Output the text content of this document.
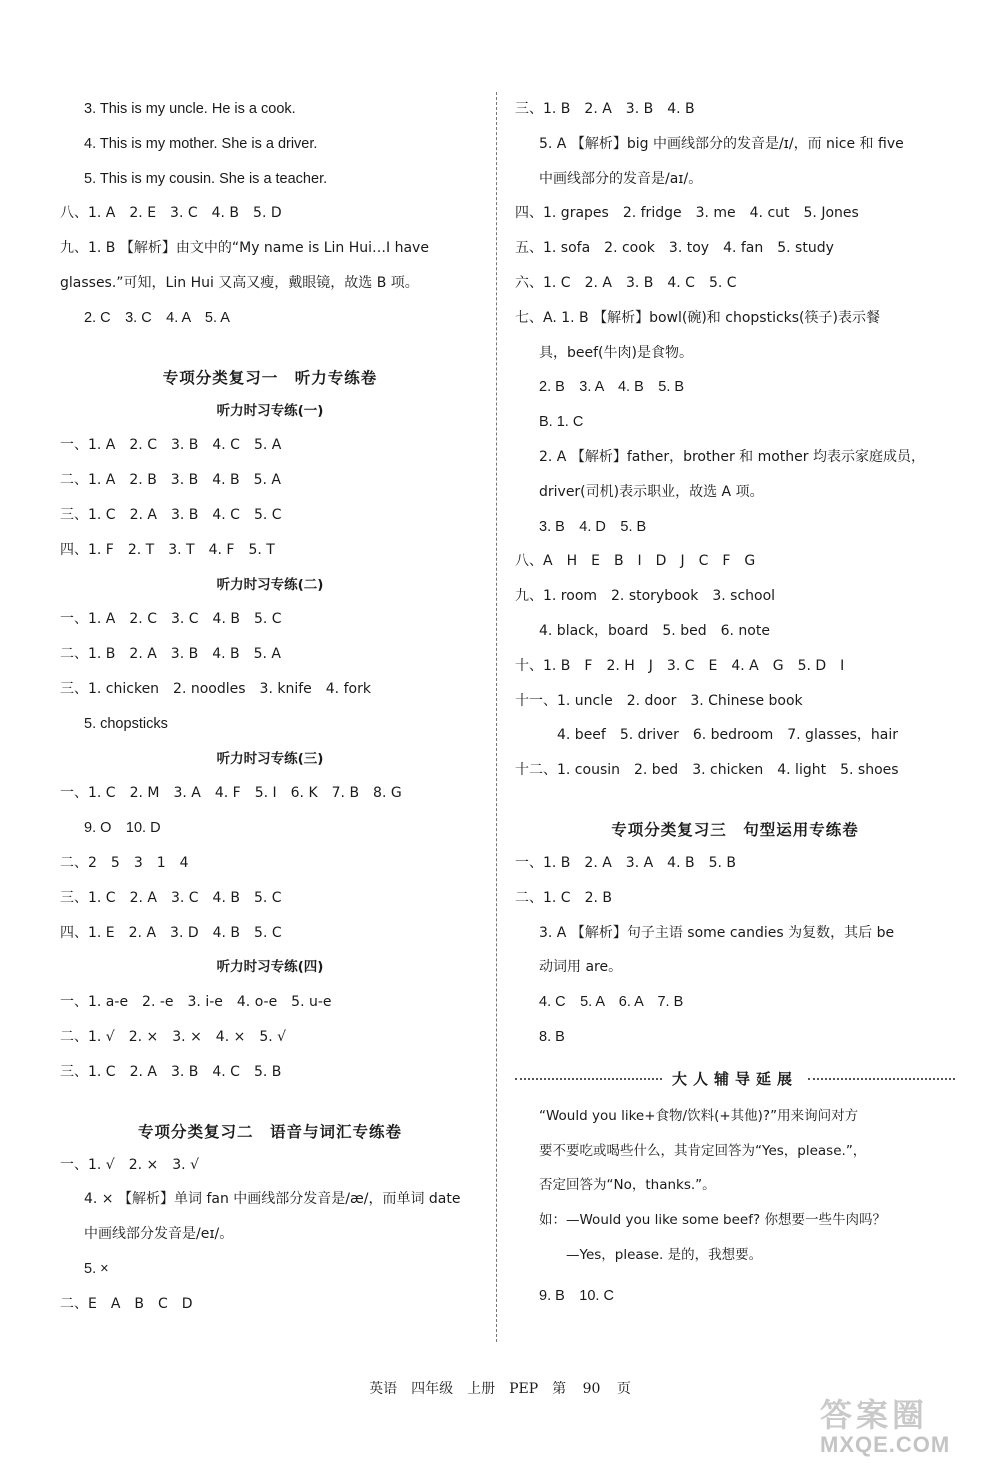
3. This is my uncle. He is a cook.
4. This is my mother. She is a driver.
5. This is my cousin. She is a teacher.
八、1. A　2. E　3. C　4. B　5. D
九、1. B 【解析】由文中的“My name is Lin Hui…I have
glasses.”可知，Lin Hui 又高又瘦，戴眼镜，故选 B 项。
2. C　3. C　4. A　5. A
专项分类复习一　听力专练卷
听力时习专练(一)
一、1. A　2. C　3. B　4. C　5. A
二、1. A　2. B　3. B　4. B　5. A
三、1. C　2. A　3. B　4. C　5. C
四、1. F　2. T　3. T　4. F　5. T
听力时习专练(二)
一、1. A　2. C　3. C　4. B　5. C
二、1. B　2. A　3. B　4. B　5. A
三、1. chicken　2. noodles　3. knife　4. fork
5. chopsticks
听力时习专练(三)
一、1. C　2. M　3. A　4. F　5. I　6. K　7. B　8. G
9. O　10. D
二、2　5　3　1　4
三、1. C　2. A　3. C　4. B　5. C
四、1. E　2. A　3. D　4. B　5. C
听力时习专练(四)
一、1. a-e　2. -e　3. i-e　4. o-e　5. u-e
二、1. √　2. ×　3. ×　4. ×　5. √
三、1. C　2. A　3. B　4. C　5. B
专项分类复习二　语音与词汇专练卷
一、1. √　2. ×　3. √
4. × 【解析】单词 fan 中画线部分发音是/æ/，而单词 date
中画线部分发音是/eɪ/。
5. ×
二、E　A　B　C　D
三、1. B　2. A　3. B　4. B
5. A 【解析】big 中画线部分的发音是/ɪ/，而 nice 和 five
中画线部分的发音是/aɪ/。
四、1. grapes　2. fridge　3. me　4. cut　5. Jones
五、1. sofa　2. cook　3. toy　4. fan　5. study
六、1. C　2. A　3. B　4. C　5. C
七、A. 1. B 【解析】bowl(碗)和 chopsticks(筷子)表示餐
具，beef(牛肉)是食物。
2. B　3. A　4. B　5. B
B. 1. C
2. A 【解析】father，brother 和 mother 均表示家庭成员，
driver(司机)表示职业，故选 A 项。
3. B　4. D　5. B
八、A　H　E　B　I　D　J　C　F　G
九、1. room　2. storybook　3. school
4. black，board　5. bed　6. note
十、1. B　F　2. H　J　3. C　E　4. A　G　5. D　I
十一、1. uncle　2. door　3. Chinese book
4. beef　5. driver　6. bedroom　7. glasses，hair
十二、1. cousin　2. bed　3. chicken　4. light　5. shoes
专项分类复习三　句型运用专练卷
一、1. B　2. A　3. A　4. B　5. B
二、1. C　2. B
3. A 【解析】句子主语 some candies 为复数，其后 be
动词用 are。
4. C　5. A　6. A　7. B
8. B
大人辅导延展
“Would you like+食物/饮料(+其他)?”用来询问对方
要不要吃或喝些什么，其肯定回答为“Yes，please.”，
否定回答为“No，thanks.”。
如：—Would you like some beef? 你想要一些牛肉吗？
　　—Yes，please. 是的，我想要。
9. B　10. C
英语　四年级　上册　PEP　第 90 页
答案圈
MXQE.COM
